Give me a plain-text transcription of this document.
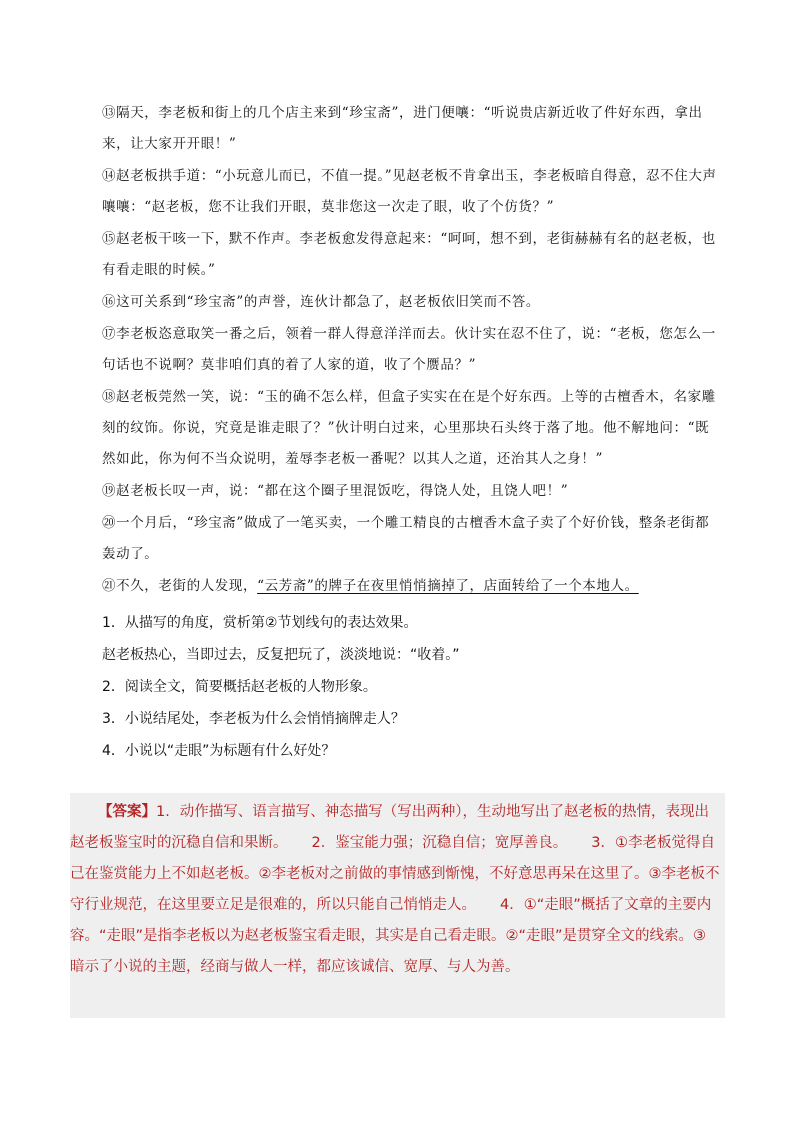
⑬隔天，李老板和街上的几个店主来到“珍宝斋”，进门便嚷：“听说贵店新近收了件好东西，拿出来，让大家开开眼！”

⑭赵老板拱手道：“小玩意儿而已，不值一提。”见赵老板不肯拿出玉，李老板暗自得意，忍不住大声嚷嚷：“赵老板，您不让我们开眼，莫非您这一次走了眼，收了个仿货？”

⑮赵老板干咳一下，默不作声。李老板愈发得意起来：“呵呵，想不到，老街赫赫有名的赵老板，也有看走眼的时候。”

⑯这可关系到“珍宝斋”的声誉，连伙计都急了，赵老板依旧笑而不答。

⑰李老板恣意取笑一番之后，领着一群人得意洋洋而去。伙计实在忍不住了，说：“老板，您怎么一句话也不说啊？莫非咱们真的着了人家的道，收了个赝品？”

⑱赵老板莞然一笑，说：“玉的确不怎么样，但盒子实实在在是个好东西。上等的古檀香木，名家雕刻的纹饰。你说，究竟是谁走眼了？”伙计明白过来，心里那块石头终于落了地。他不解地问：“既然如此，你为何不当众说明，羞辱李老板一番呢？以其人之道，还治其人之身！”

⑲赵老板长叹一声，说：“都在这个圈子里混饭吃，得饶人处，且饶人吧！”

⑳一个月后，“珍宝斋”做成了一笔买卖，一个雕工精良的古檀香木盒子卖了个好价钱，整条老街都轰动了。

㉑不久，老街的人发现，“云芳斋”的牌子在夜里悄悄摘掉了，店面转给了一个本地人。

1．从描写的角度，赏析第②节划线句的表达效果。

赵老板热心，当即过去，反复把玩了，淡淡地说：“收着。”

2．阅读全文，简要概括赵老板的人物形象。

3．小说结尾处，李老板为什么会悄悄摘牌走人？

4．小说以“走眼”为标题有什么好处？

【答案】1．动作描写、语言描写、神态描写（写出两种），生动地写出了赵老板的热情，表现出赵老板鉴宝时的沉稳自信和果断。 2．鉴宝能力强；沉稳自信；宽厚善良。 3．①李老板觉得自己在鉴赏能力上不如赵老板。②李老板对之前做的事情感到惭愧，不好意思再呆在这里了。③李老板不守行业规范，在这里要立足是很难的，所以只能自己悄悄走人。 4．①“走眼”概括了文章的主要内容。“走眼”是指李老板以为赵老板鉴宝看走眼，其实是自己看走眼。②“走眼”是贯穿全文的线索。③暗示了小说的主题，经商与做人一样，都应该诚信、宽厚、与人为善。
